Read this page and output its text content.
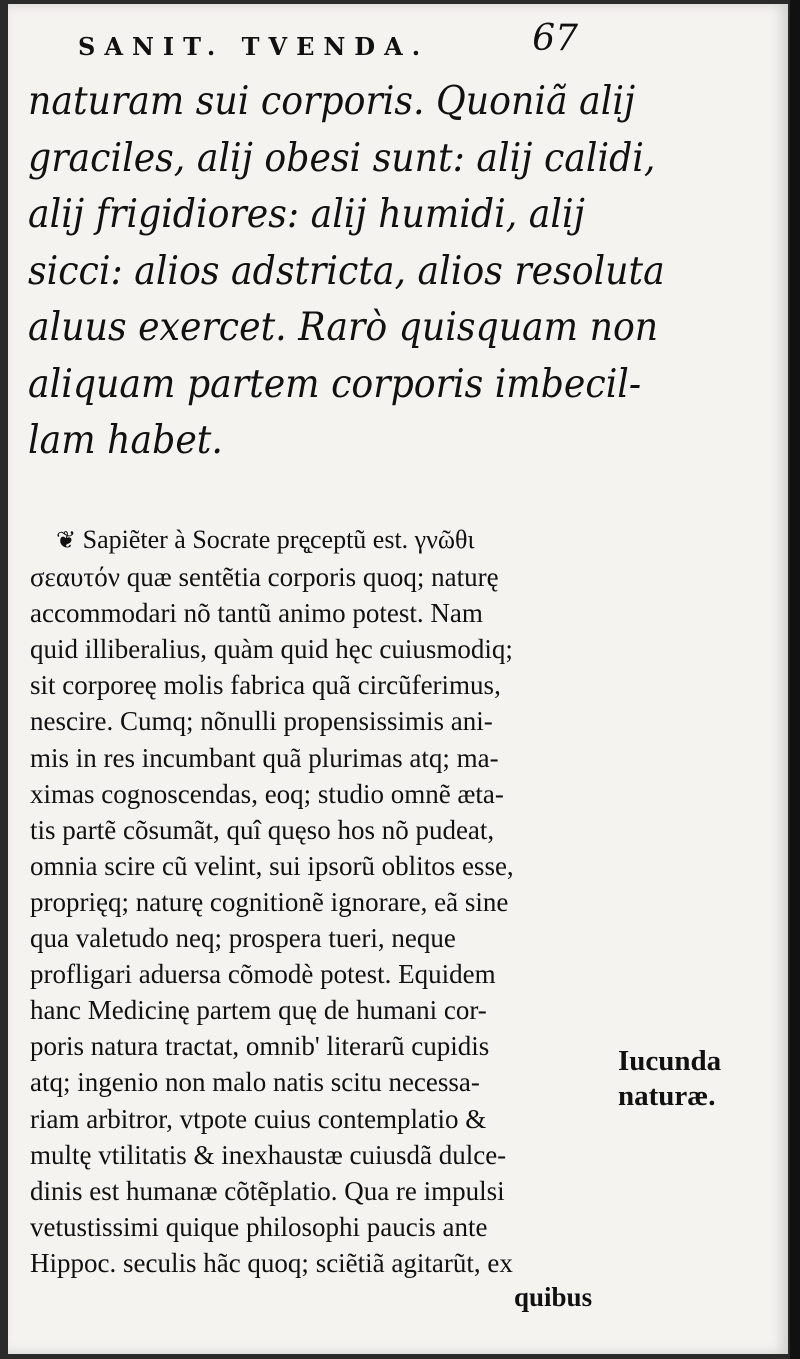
SANIT. TVENDA.	67
naturam sui corporis. Quoniã alij
graciles, alij obesi sunt: alij calidi,
alij frigidiores: alij humidi, alij
sicci: alios adstricta, alios resoluta
aluus exercet. Rarò quisquam non
aliquam partem corporis imbecil-
lam habet.
❦ Sapiẽter à Socrate prę̨ceptũ est. γνῶθι
σεαυτόν quæ sentẽtia corporis quoq; naturę
accommodari nõ tantũ animo potest. Nam
quid illiberalius, quàm quid hęc cuiusmodiq;
sit corporeę molis fabrica quã circũferimus,
nescire. Cumq; nõnulli propensissimis ani-
mis in res incumbant quã plurimas atq; ma-
ximas cognoscendas, eoq; studio omnẽ æta-
tis partẽ cõsumãt, quî quęso hos nõ pudeat,
omnia scire cũ velint, sui ipsorũ oblitos esse,
proprięq; naturę cognitionẽ ignorare, eã sine
qua valetudo neq; prospera tueri, neque
profligari aduersa cõmodè potest. Equidem
hanc Medicinę partem quę de humani cor-
poris natura tractat, omnib' literarũ cupidis
atq; ingenio non malo natis scitu necessa-
riam arbitror, vtpote cuius contemplatio &
multę vtilitatis & inexhaustæ cuiusdã dulce-
dinis est humanæ cõtẽplatio. Qua re impulsi
vetustissimi quique philosophi paucis ante
Hippoc. seculis hãc quoq; sciẽtiã agitarũt, ex
quibus
Iucunda
naturæ.
